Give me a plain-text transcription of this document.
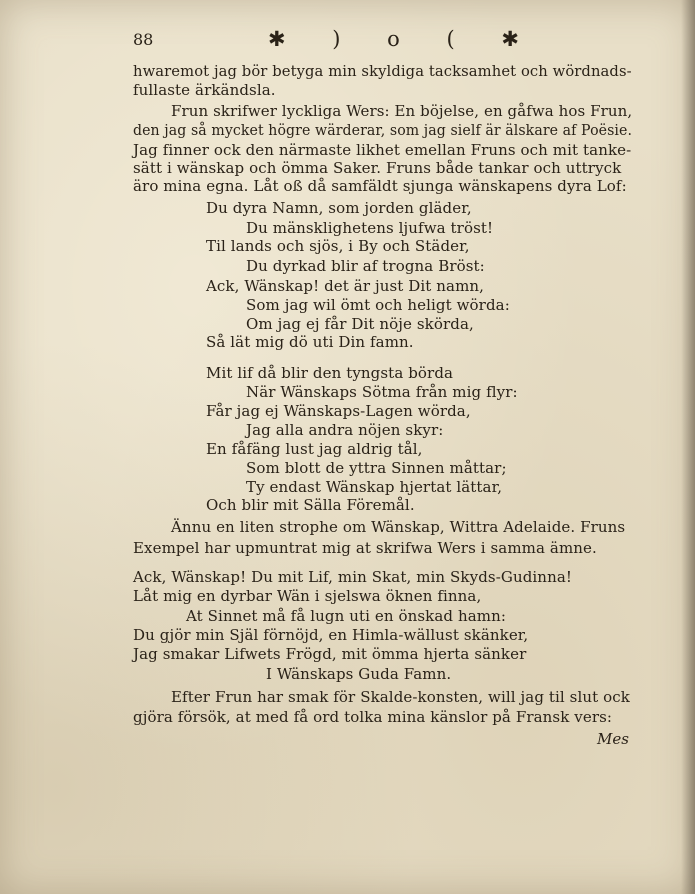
88	✱ ) o ( ✱
hwaremot jag bör betyga min skyldiga tacksamhet och wördnads-
fullaste ärkändsla.
Frun skrifwer lyckliga Wers: En böjelse, en gåfwa hos Frun,
den jag så mycket högre wärderar, som jag sielf är älskare af Poësie.
Jag finner ock den närmaste likhet emellan Fruns och mit tanke-
sätt i wänskap och ömma Saker. Fruns både tankar och uttryck
äro mina egna. Låt oß då samfäldt sjunga wänskapens dyra Lof:
Du dyra Namn, som jorden gläder,
Du mänsklighetens ljufwa tröst!
Til lands och sjös, i By och Städer,
Du dyrkad blir af trogna Bröst:
Ack, Wänskap! det är just Dit namn,
Som jag wil ömt och heligt wörda:
Om jag ej får Dit nöje skörda,
Så lät mig dö uti Din famn.
Mit lif då blir den tyngsta börda
När Wänskaps Sötma från mig flyr:
Får jag ej Wänskaps-Lagen wörda,
Jag alla andra nöjen skyr:
En fåfäng lust jag aldrig tål,
Som blott de yttra Sinnen måttar;
Ty endast Wänskap hjertat lättar,
Och blir mit Sälla Föremål.
Ännu en liten strophe om Wänskap, Wittra Adelaide. Fruns
Exempel har upmuntrat mig at skrifwa Wers i samma ämne.
Ack, Wänskap! Du mit Lif, min Skat, min Skyds-Gudinna!
Låt mig en dyrbar Wän i sjelswa öknen finna,
At Sinnet må få lugn uti en önskad hamn:
Du gjör min Själ förnöjd, en Himla-wällust skänker,
Jag smakar Lifwets Frögd, mit ömma hjerta sänker
I Wänskaps Guda Famn.
Efter Frun har smak för Skalde-konsten, will jag til slut ock
gjöra försök, at med få ord tolka mina känslor på Fransk vers:
Mes
